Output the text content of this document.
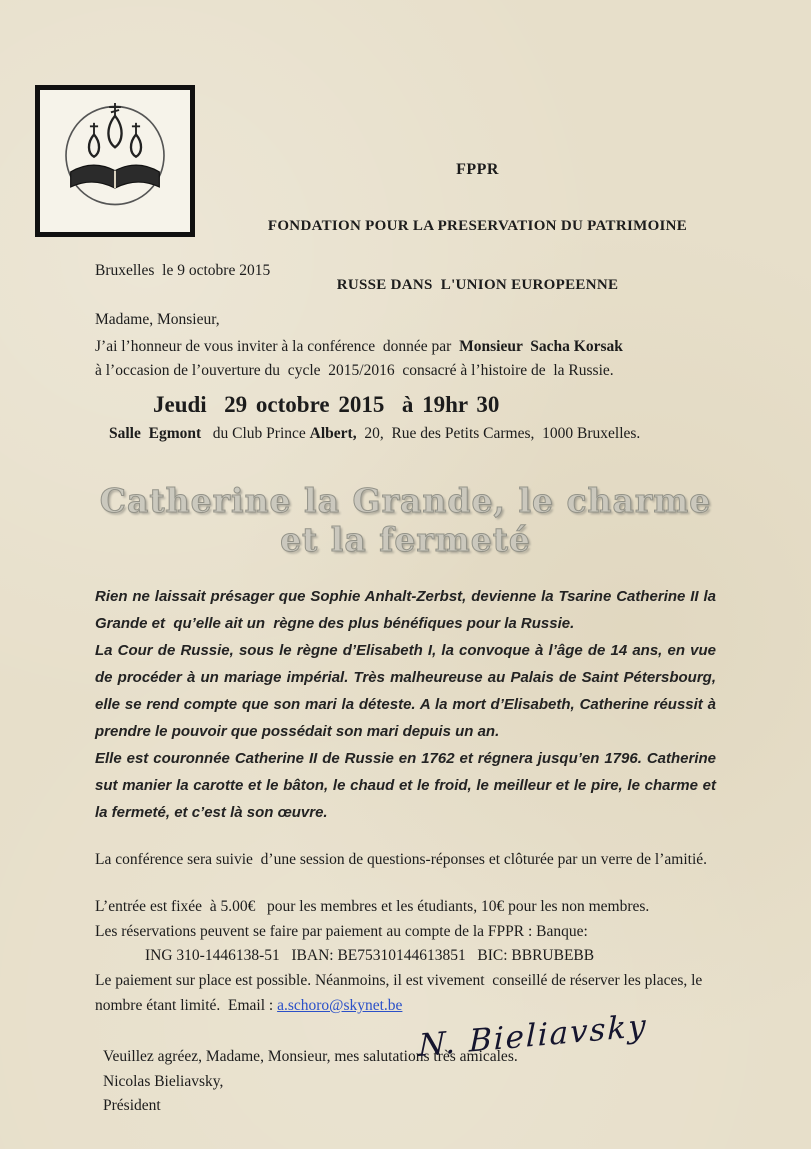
FPPR

FONDATION POUR LA PRESERVATION DU PATRIMOINE

RUSSE DANS  L'UNION EUROPEENNE

Bruxelles  le 9 octobre 2015

Madame, Monsieur,

J’ai l’honneur de vous inviter à la conférence  donnée par  Monsieur  Sacha Korsak

à l’occasion de l’ouverture du  cycle  2015/2016  consacré à l’histoire de  la Russie.

Jeudi  29 octobre 2015  à 19hr 30

Salle  Egmont   du Club Prince Albert,  20,  Rue des Petits Carmes,  1000 Bruxelles.

Catherine la Grande, le charme et la fermeté

Rien ne laissait présager que Sophie Anhalt-Zerbst, devienne la Tsarine Catherine II la Grande et  qu’elle ait un  règne des plus bénéfiques pour la Russie.

La Cour de Russie, sous le règne d’Elisabeth I, la convoque à l’âge de 14 ans, en vue de procéder à un mariage impérial. Très malheureuse au Palais de Saint Pétersbourg, elle se rend compte que son mari la déteste. A la mort d’Elisabeth, Catherine réussit à prendre le pouvoir que possédait son mari depuis un an.

Elle est couronnée Catherine II de Russie en 1762 et régnera jusqu’en 1796. Catherine sut manier la carotte et le bâton, le chaud et le froid, le meilleur et le pire, le charme et la fermeté, et c’est là son œuvre.

La conférence sera suivie  d’une session de questions-réponses et clôturée par un verre de l’amitié.

L’entrée est fixée  à 5.00€   pour les membres et les étudiants, 10€ pour les non membres.

Les réservations peuvent se faire par paiement au compte de la FPPR : Banque:

ING 310-1446138-51   IBAN: BE75310144613851   BIC: BBRUBEBB

Le paiement sur place est possible. Néanmoins, il est vivement  conseillé de réserver les places, le nombre étant limité.  Email : a.schoro@skynet.be

Veuillez agréez, Madame, Monsieur, mes salutations très amicales.

Nicolas Bieliavsky,

Président

N. Bieliavsky
